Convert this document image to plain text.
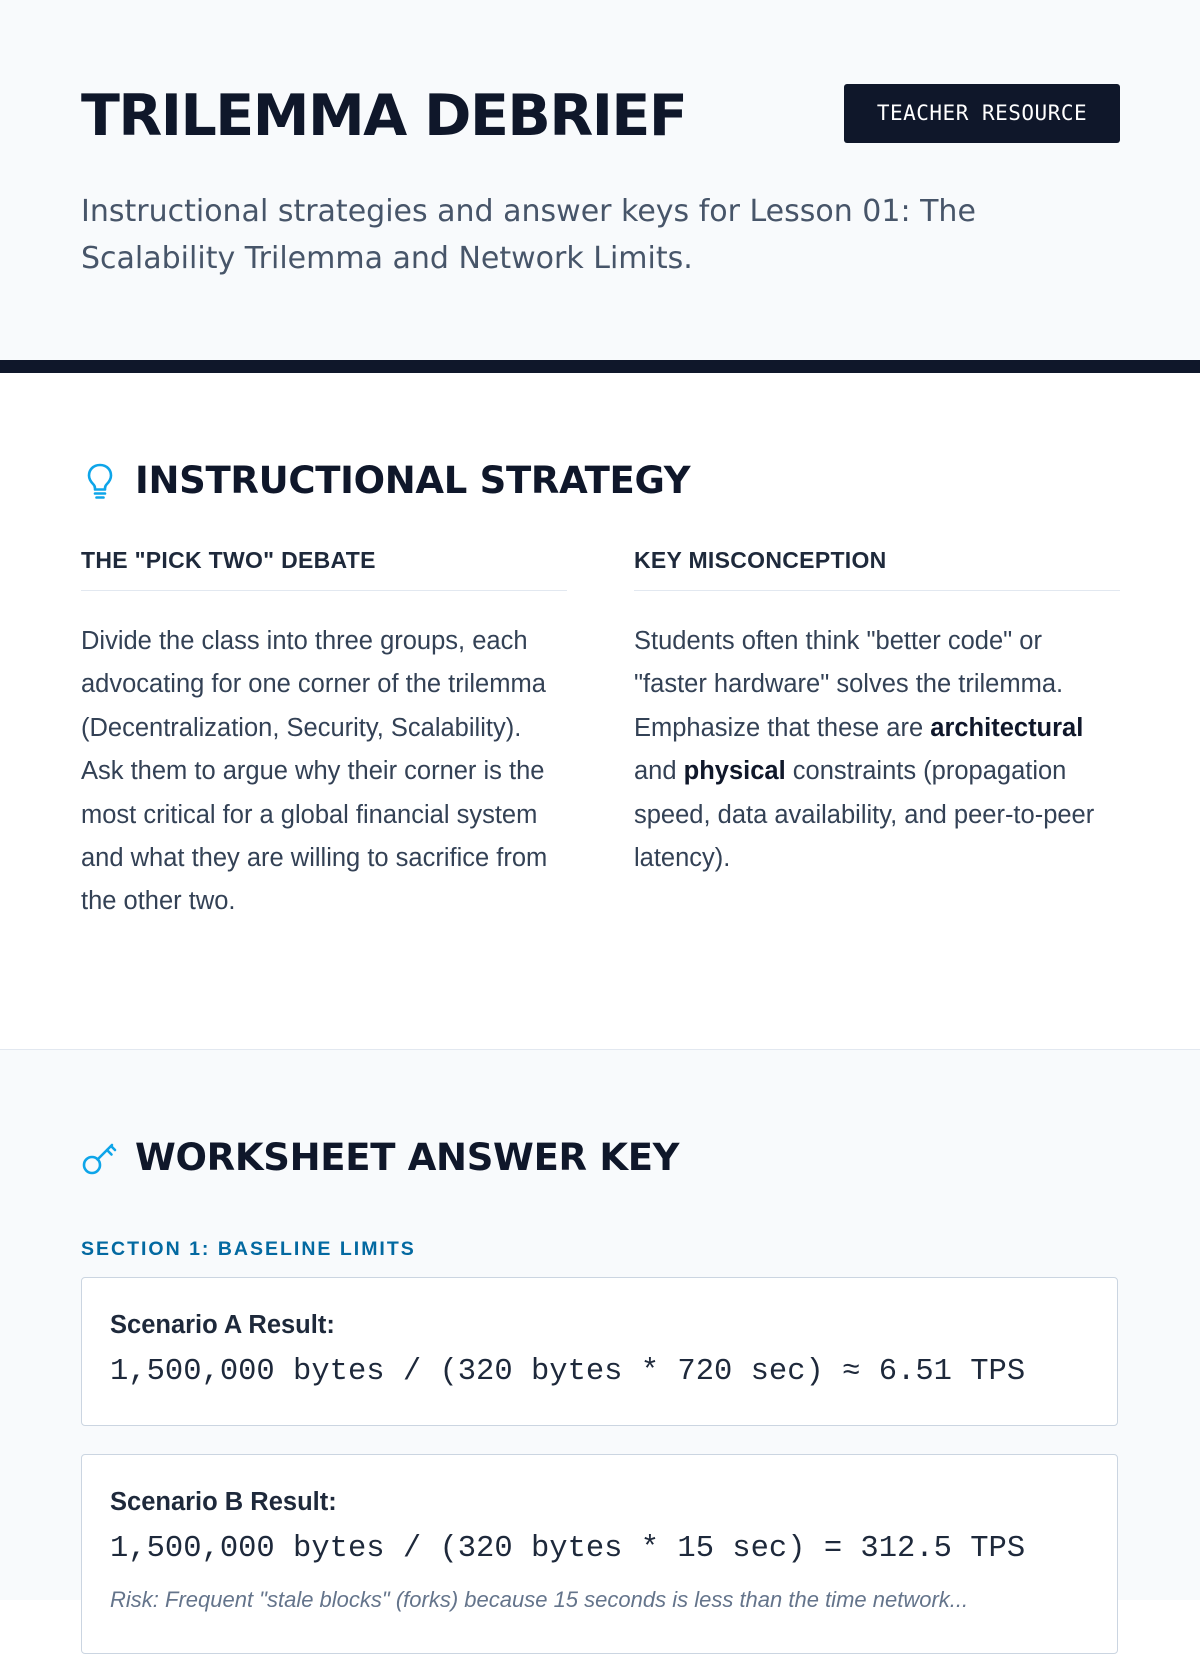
TRILEMMA DEBRIEF	TEACHER RESOURCE

Instructional strategies and answer keys for Lesson 01: The Scalability Trilemma and Network Limits.

INSTRUCTIONAL STRATEGY
THE "PICK TWO" DEBATE
Divide the class into three groups, each advocating for one corner of the trilemma (Decentralization, Security, Scalability). Ask them to argue why their corner is the most critical for a global financial system and what they are willing to sacrifice from the other two.
KEY MISCONCEPTION
Students often think "better code" or "faster hardware" solves the trilemma. Emphasize that these are architectural and physical constraints (propagation speed, data availability, and peer-to-peer latency).
WORKSHEET ANSWER KEY
SECTION 1: BASELINE LIMITS
Scenario A Result:
1,500,000 bytes / (320 bytes * 720 sec) ≈ 6.51 TPS
Scenario B Result:
1,500,000 bytes / (320 bytes * 15 sec) = 312.5 TPS
Risk: Frequent "stale blocks" (forks) because 15 seconds is less than the time network...
